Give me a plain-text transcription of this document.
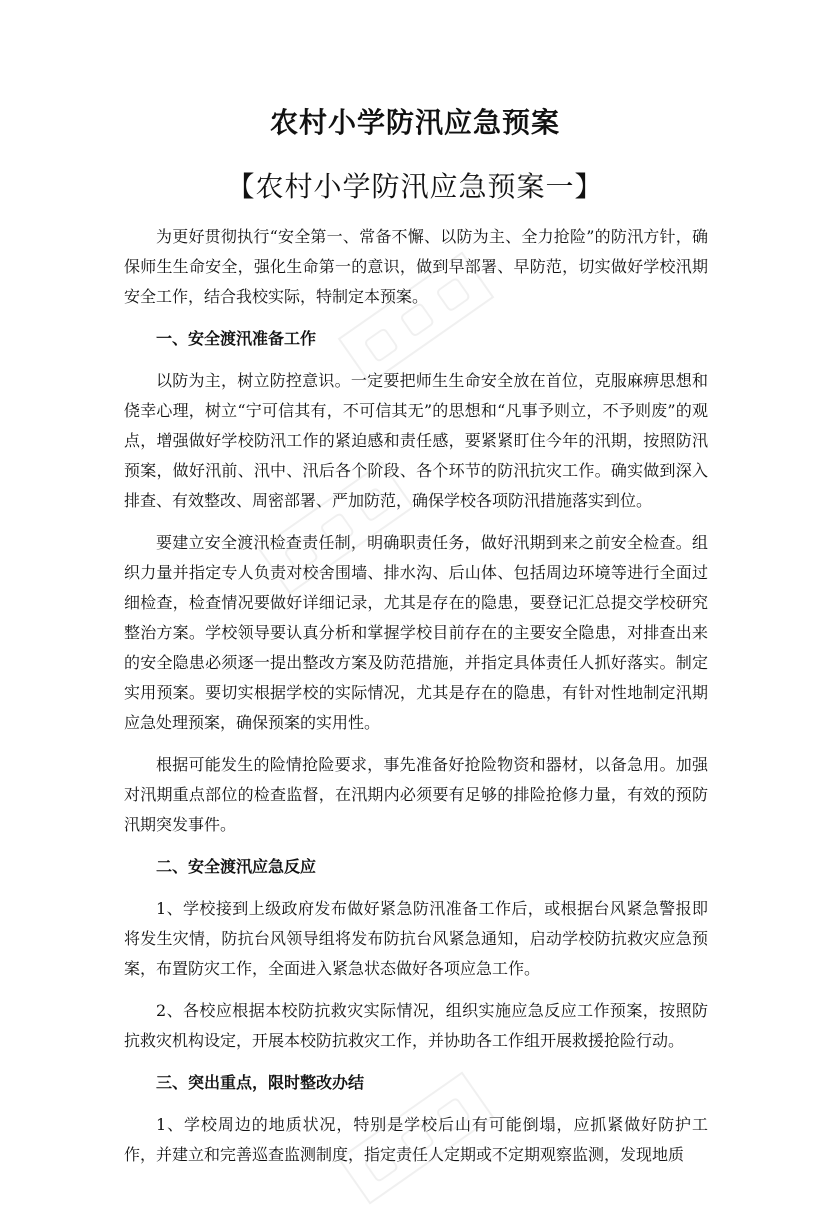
农村小学防汛应急预案
【农村小学防汛应急预案一】

为更好贯彻执行“安全第一、常备不懈、以防为主、全力抢险”的防汛方针，确保师生生命安全，强化生命第一的意识，做到早部署、早防范，切实做好学校汛期安全工作，结合我校实际，特制定本预案。

一、安全渡汛准备工作

以防为主，树立防控意识。一定要把师生生命安全放在首位，克服麻痹思想和侥幸心理，树立“宁可信其有，不可信其无”的思想和“凡事予则立，不予则废”的观点，增强做好学校防汛工作的紧迫感和责任感，要紧紧盯住今年的汛期，按照防汛预案，做好汛前、汛中、汛后各个阶段、各个环节的防汛抗灾工作。确实做到深入排查、有效整改、周密部署、严加防范，确保学校各项防汛措施落实到位。

要建立安全渡汛检查责任制，明确职责任务，做好汛期到来之前安全检查。组织力量并指定专人负责对校舍围墙、排水沟、后山体、包括周边环境等进行全面过细检查，检查情况要做好详细记录，尤其是存在的隐患，要登记汇总提交学校研究整治方案。学校领导要认真分析和掌握学校目前存在的主要安全隐患，对排查出来的安全隐患必须逐一提出整改方案及防范措施，并指定具体责任人抓好落实。制定实用预案。要切实根据学校的实际情况，尤其是存在的隐患，有针对性地制定汛期应急处理预案，确保预案的实用性。

根据可能发生的险情抢险要求，事先准备好抢险物资和器材，以备急用。加强对汛期重点部位的检查监督，在汛期内必须要有足够的排险抢修力量，有效的预防汛期突发事件。

二、安全渡汛应急反应

1、学校接到上级政府发布做好紧急防汛准备工作后，或根据台风紧急警报即将发生灾情，防抗台风领导组将发布防抗台风紧急通知，启动学校防抗救灾应急预案，布置防灾工作，全面进入紧急状态做好各项应急工作。

2、各校应根据本校防抗救灾实际情况，组织实施应急反应工作预案，按照防抗救灾机构设定，开展本校防抗救灾工作，并协助各工作组开展救援抢险行动。

三、突出重点，限时整改办结

1、学校周边的地质状况，特别是学校后山有可能倒塌，应抓紧做好防护工作，并建立和完善巡查监测制度，指定责任人定期或不定期观察监测，发现地质

▢ ▢ ▢
▢ ▢ ▢
▢ ▢ ▢
